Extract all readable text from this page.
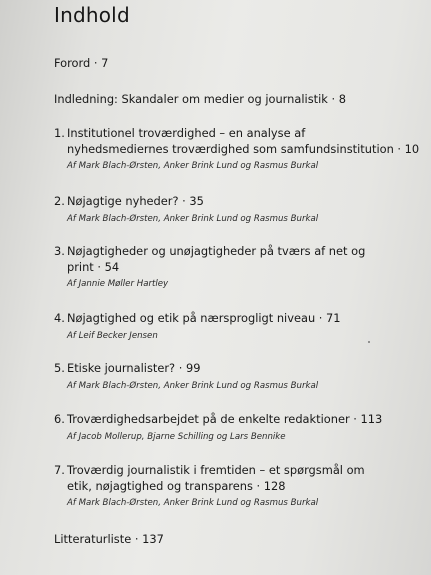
Indhold
Forord · 7
Indledning: Skandaler om medier og journalistik · 8
1. Institutionel troværdighed – en analyse af
nyhedsmediernes troværdighed som samfundsinstitution · 10
Af Mark Blach-Ørsten, Anker Brink Lund og Rasmus Burkal
2. Nøjagtige nyheder? · 35
Af Mark Blach-Ørsten, Anker Brink Lund og Rasmus Burkal
3. Nøjagtigheder og unøjagtigheder på tværs af net og
print · 54
Af Jannie Møller Hartley
4. Nøjagtighed og etik på nærsprogligt niveau · 71
Af Leif Becker Jensen
5. Etiske journalister? · 99
Af Mark Blach-Ørsten, Anker Brink Lund og Rasmus Burkal
6. Troværdighedsarbejdet på de enkelte redaktioner · 113
Af Jacob Mollerup, Bjarne Schilling og Lars Bennike
7. Troværdig journalistik i fremtiden – et spørgsmål om
etik, nøjagtighed og transparens · 128
Af Mark Blach-Ørsten, Anker Brink Lund og Rasmus Burkal
Litteraturliste · 137
